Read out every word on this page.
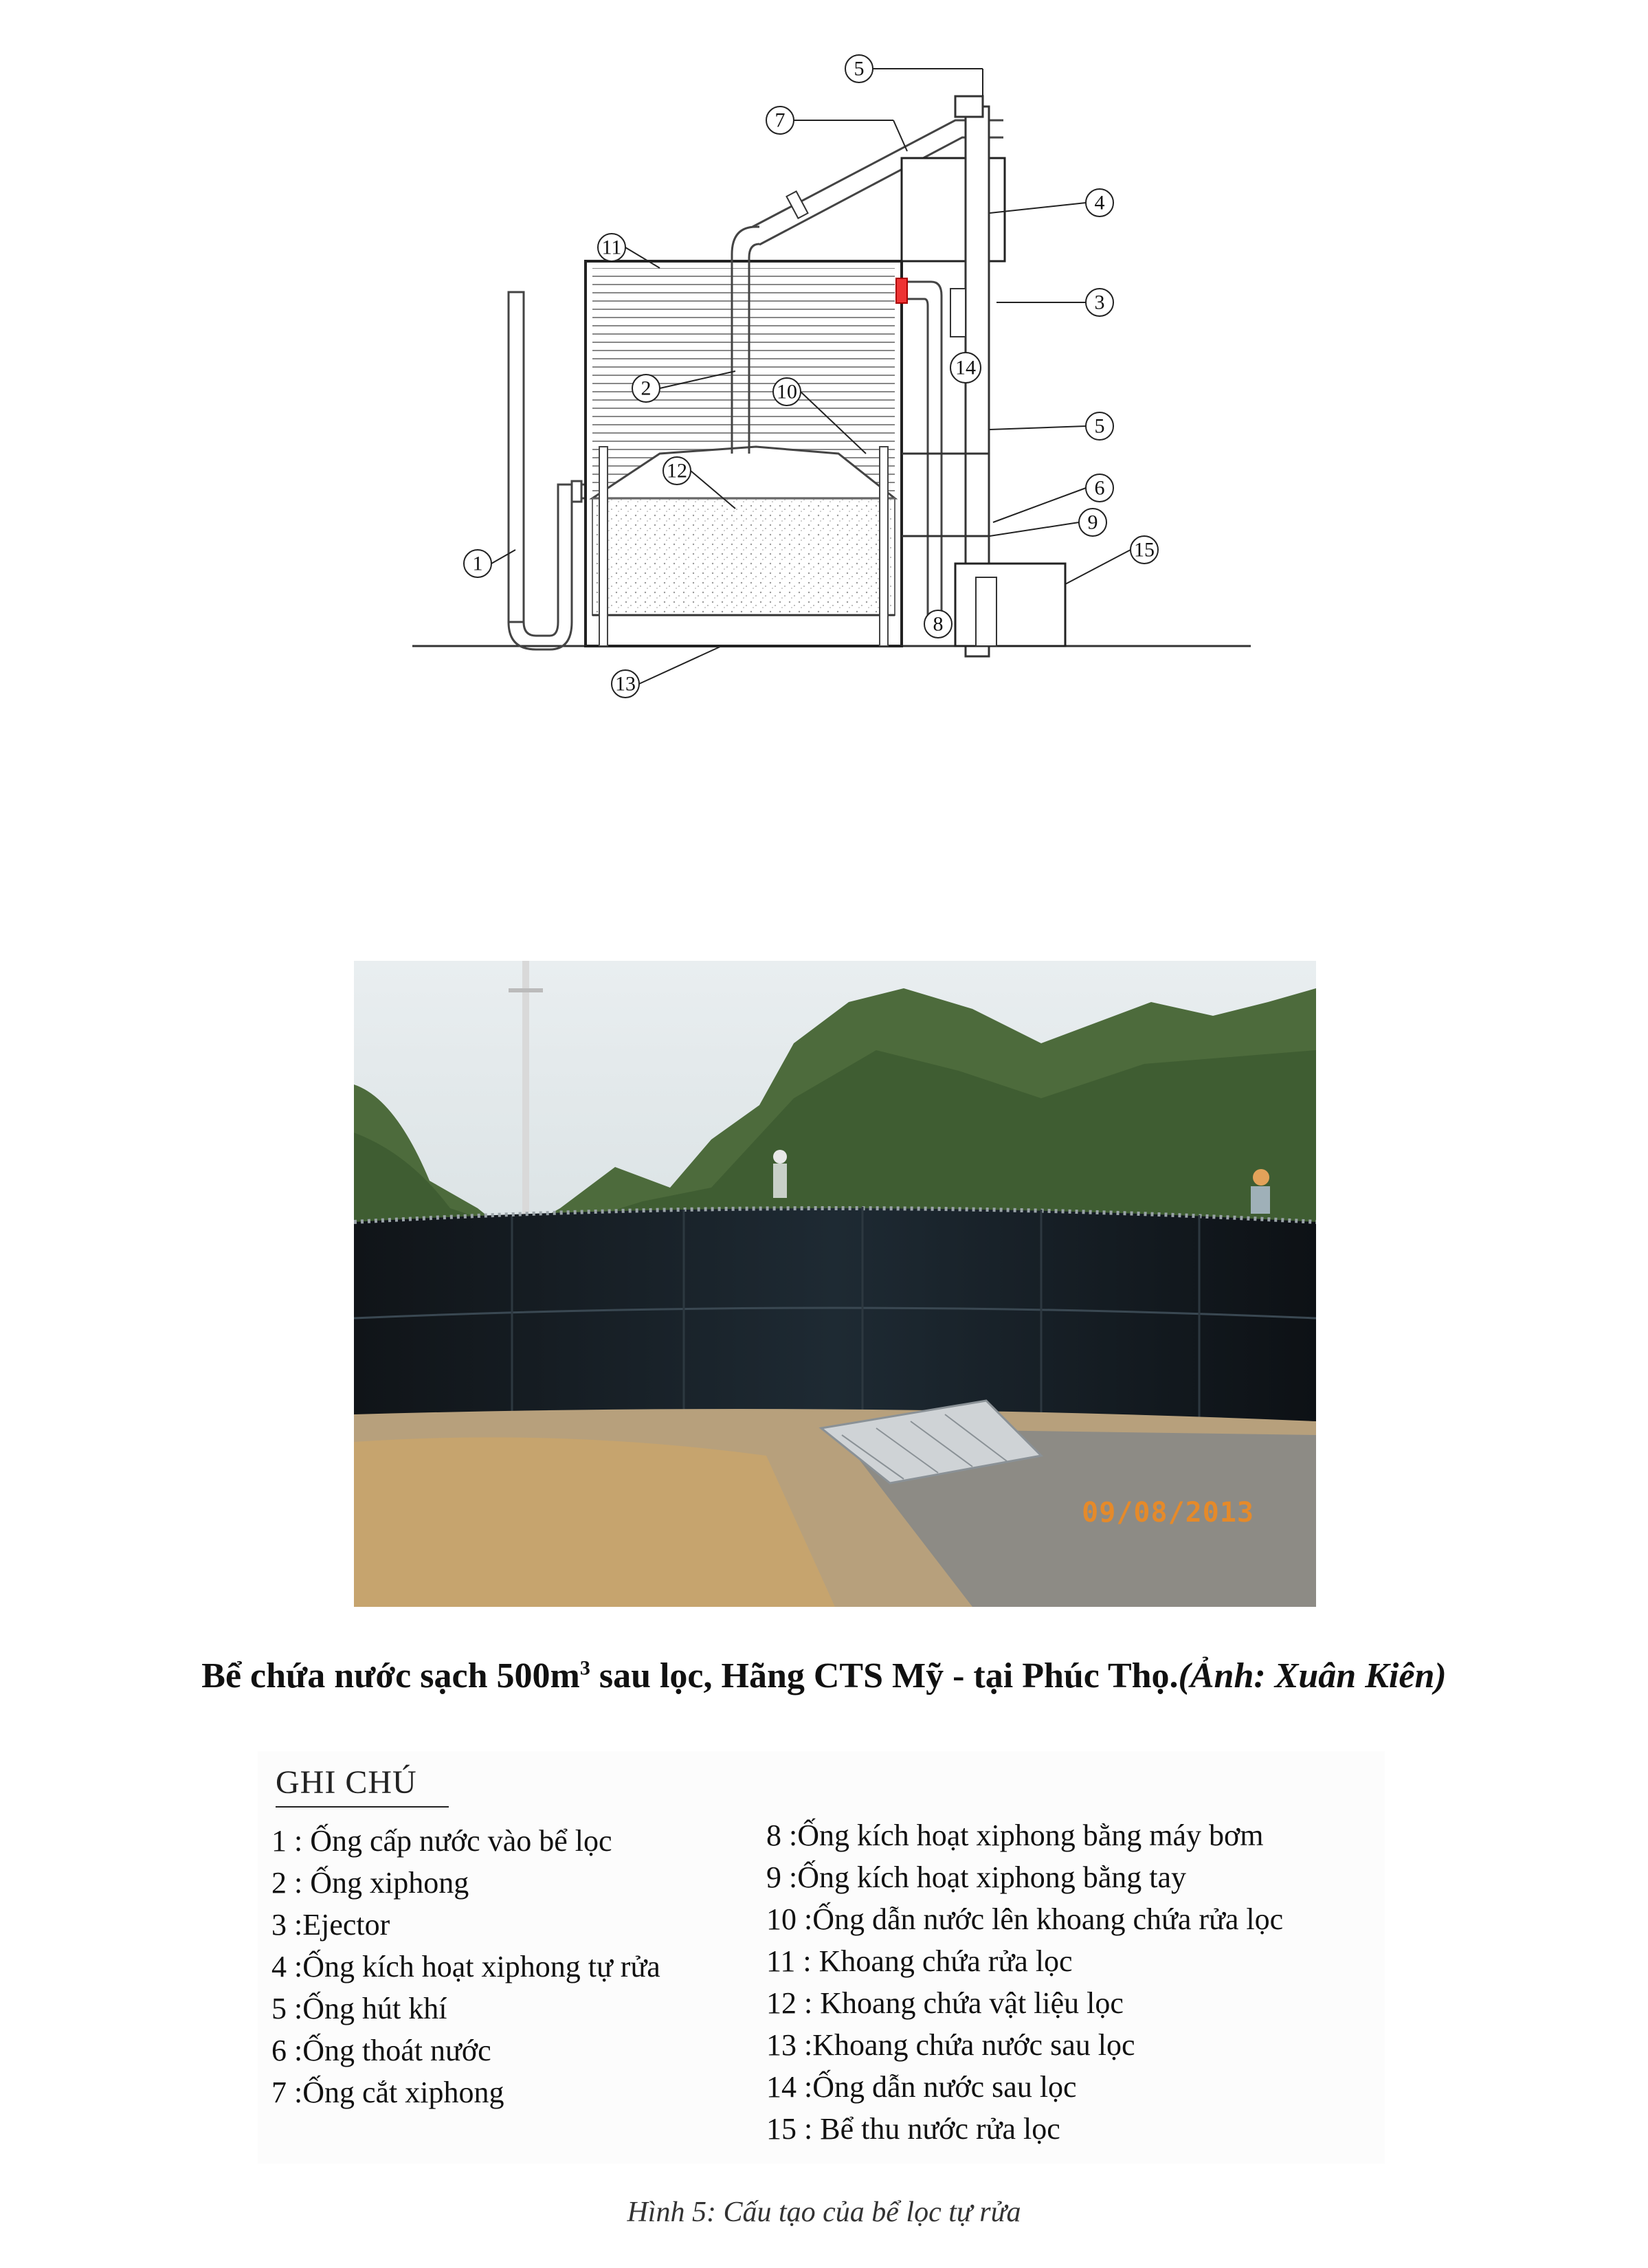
1
2
3
4
5
5
6
7
8
9
10
11
12
13
14
15
09/08/2013
Bể chứa nước sạch $500m^3$ sau lọc, Hãng CTS Mỹ - tại Phúc Thọ.(Ảnh: Xuân Kiên)
GHI CHÚ
1 : Ống cấp nước vào bể lọc
2 : Ống xiphong
3 :Ejector
4 :Ống kích hoạt xiphong tự rửa
5 :Ống hút khí
6 :Ống thoát nước
7 :Ống cắt xiphong
8 :Ống kích hoạt xiphong bằng máy bơm
9 :Ống kích hoạt xiphong bằng tay
10 :Ống dẫn nước lên khoang chứa rửa lọc
11 : Khoang chứa rửa lọc
12 : Khoang chứa vật liệu lọc
13 :Khoang chứa nước sau lọc
14 :Ống dẫn nước sau lọc
15 : Bể thu nước rửa lọc
Hình 5: Cấu tạo của bể lọc tự rửa
